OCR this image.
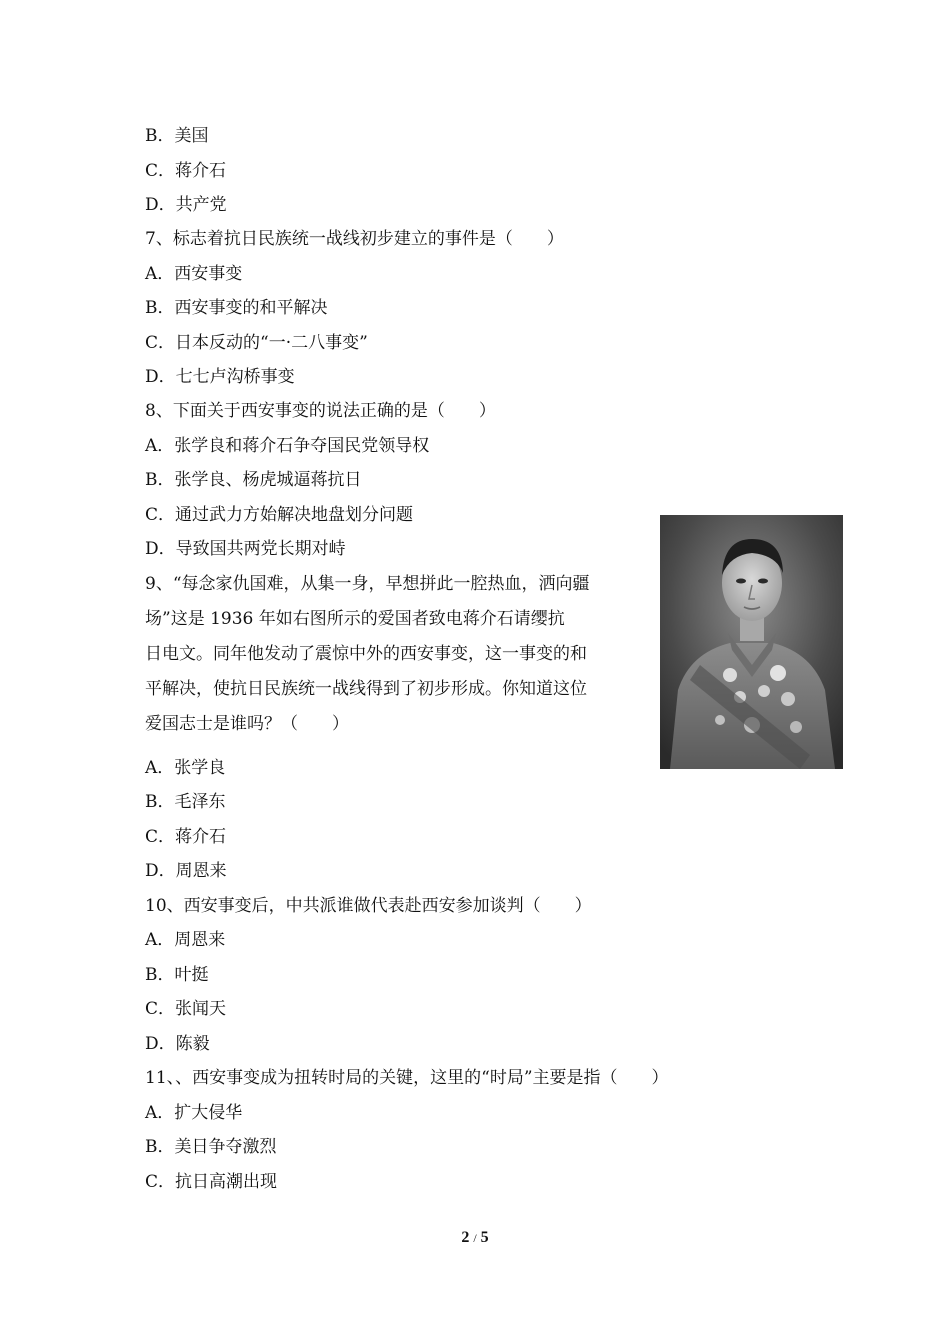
B．美国
C．蒋介石
D．共产党
7、标志着抗日民族统一战线初步建立的事件是（　　）
A．西安事变
B．西安事变的和平解决
C．日本反动的“一·二八事变”
D．七七卢沟桥事变
8、下面关于西安事变的说法正确的是（　　）
A．张学良和蒋介石争夺国民党领导权
B．张学良、杨虎城逼蒋抗日
C．通过武力方始解决地盘划分问题
D．导致国共两党长期对峙
9、“每念家仇国难，从集一身，早想拼此一腔热血，洒向疆
场”这是 1936 年如右图所示的爱国者致电蒋介石请缨抗
日电文。同年他发动了震惊中外的西安事变，这一事变的和
平解决，使抗日民族统一战线得到了初步形成。你知道这位
爱国志士是谁吗？（　　）
A．张学良
B．毛泽东
C．蒋介石
D．周恩来
10、西安事变后，中共派谁做代表赴西安参加谈判（　　）
A．周恩来
B．叶挺
C．张闻天
D．陈毅
11、、西安事变成为扭转时局的关键，这里的“时局”主要是指（　　）
A．扩大侵华
B．美日争夺激烈
C．抗日高潮出现
2 / 5
